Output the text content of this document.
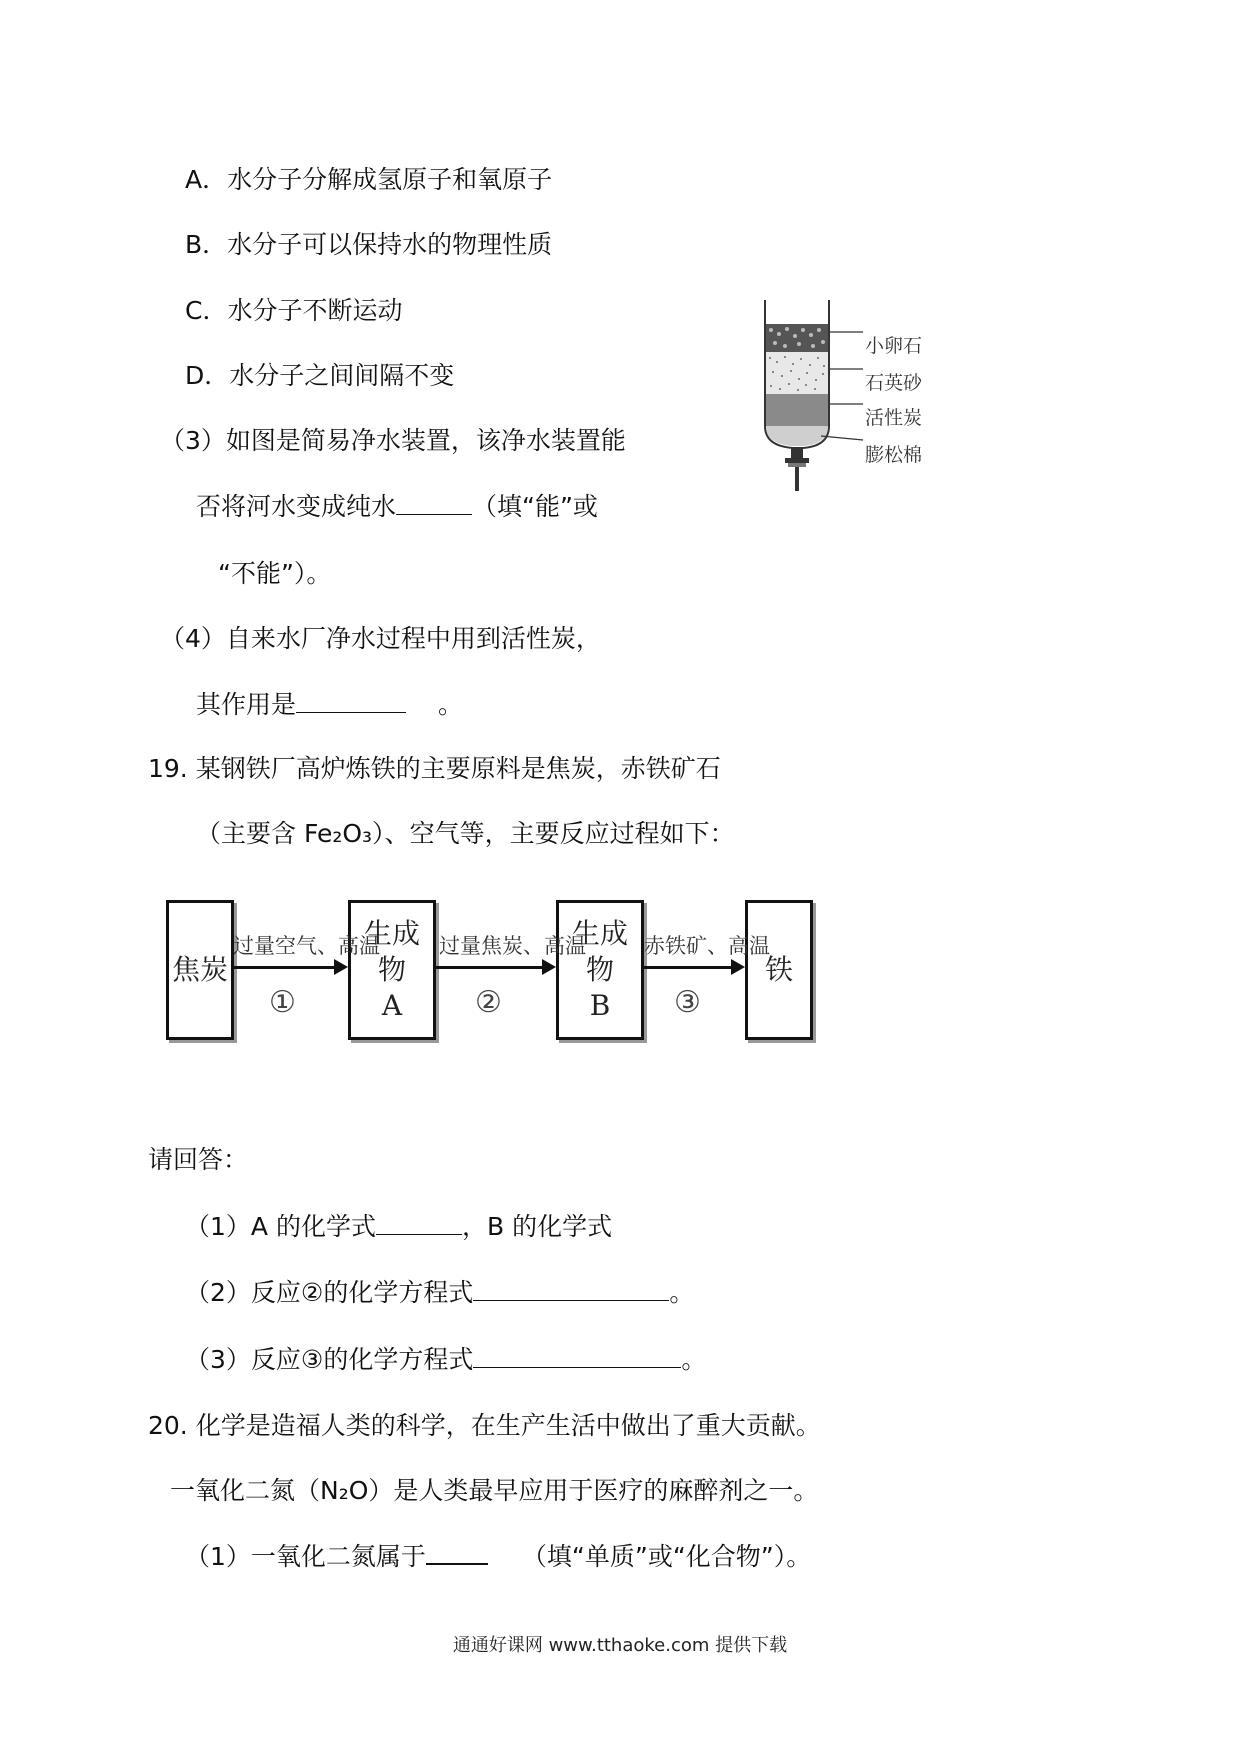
A．水分子分解成氢原子和氧原子
B．水分子可以保持水的物理性质
C．水分子不断运动
D．水分子之间间隔不变
（3）如图是简易净水装置，该净水装置能
否将河水变成纯水	（填“能”或
“不能”）。
（4）自来水厂净水过程中用到活性炭，
其作用是	。
小卵石
石英砂
活性炭
膨松棉
19. 某钢铁厂高炉炼铁的主要原料是焦炭，赤铁矿石
（主要含 Fe₂O₃）、空气等，主要反应过程如下：
焦炭
生成物
A
生成物
B
铁
过量空气、高温	过量焦炭、高温	赤铁矿、高温
①	②	③
请回答：
（1）A 的化学式	，B 的化学式
（2）反应②的化学方程式	。
（3）反应③的化学方程式	。
20. 化学是造福人类的科学，在生产生活中做出了重大贡献。
一氧化二氮（N₂O）是人类最早应用于医疗的麻醉剂之一。
（1）一氧化二氮属于	（填“单质”或“化合物”）。
通通好课网 www.tthaoke.com 提供下载
